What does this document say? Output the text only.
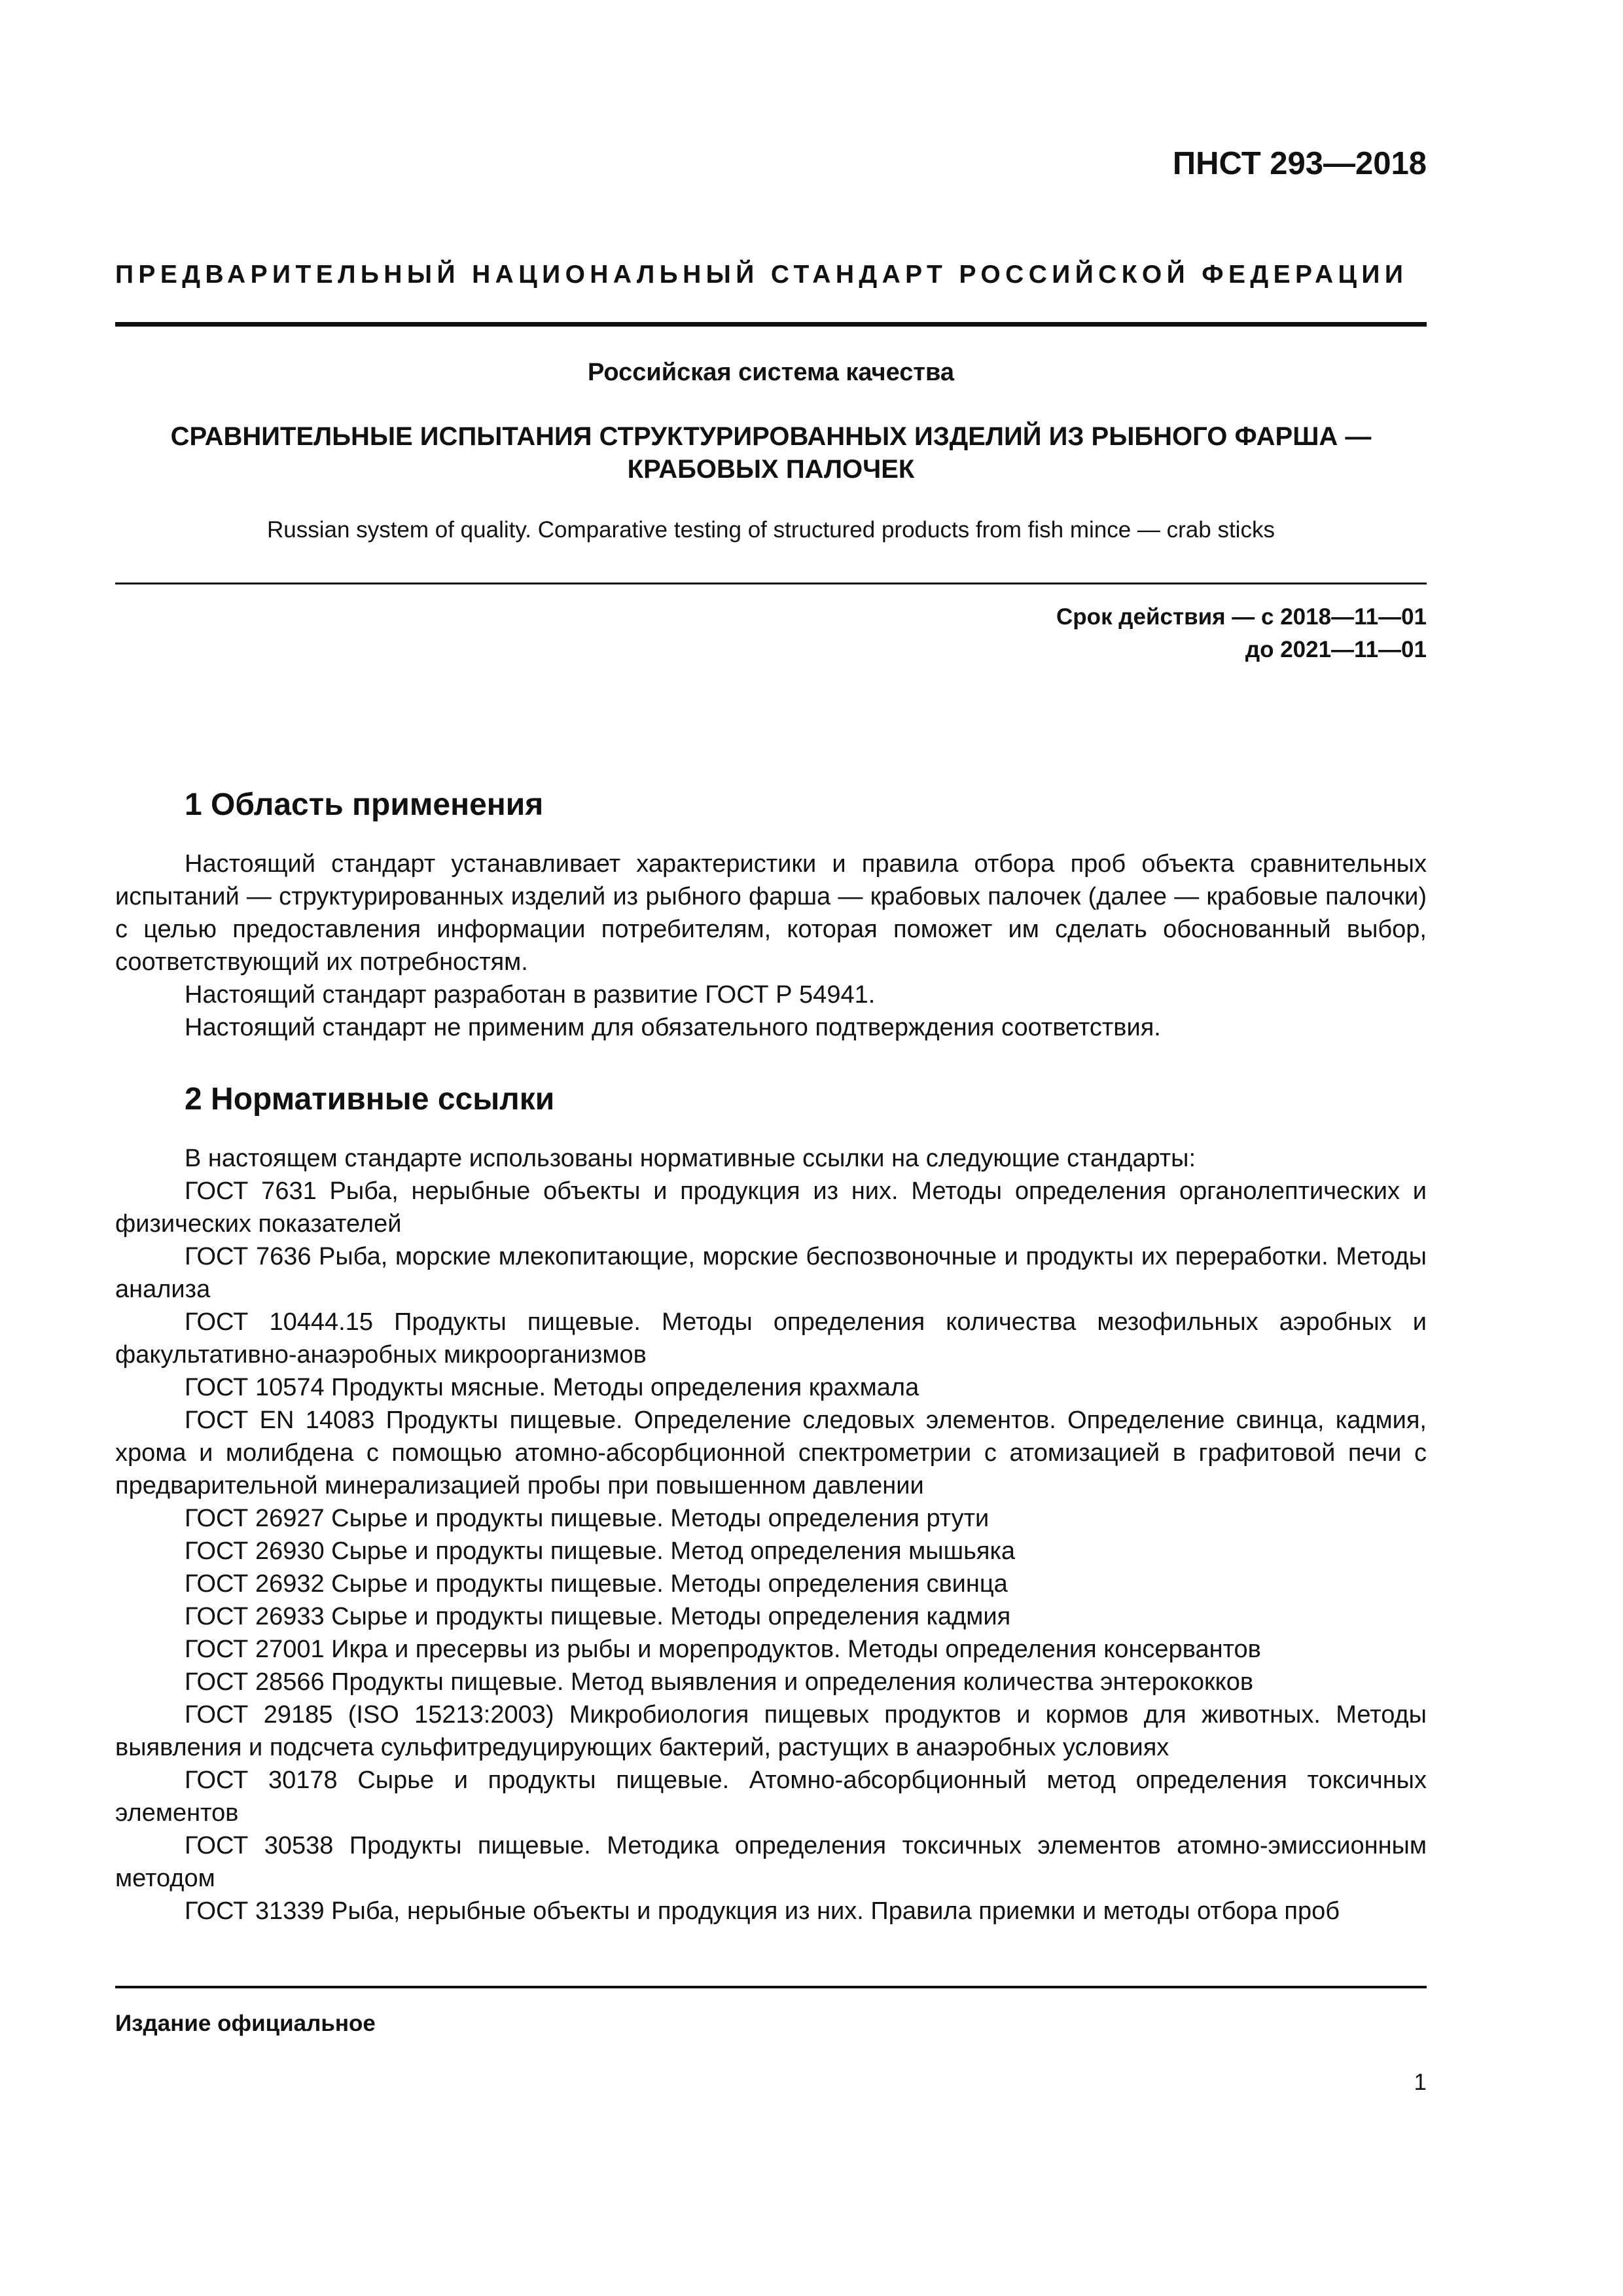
ПНСТ 293—2018
ПРЕДВАРИТЕЛЬНЫЙ НАЦИОНАЛЬНЫЙ СТАНДАРТ РОССИЙСКОЙ ФЕДЕРАЦИИ
Российская система качества
СРАВНИТЕЛЬНЫЕ ИСПЫТАНИЯ СТРУКТУРИРОВАННЫХ ИЗДЕЛИЙ ИЗ РЫБНОГО ФАРША —
КРАБОВЫХ ПАЛОЧЕК
Russian system of quality. Comparative testing of structured products from fish mince — crab sticks
Срок действия — с 2018—11—01
до 2021—11—01
1 Область применения

Настоящий стандарт устанавливает характеристики и правила отбора проб объекта сравнительных испытаний — структурированных изделий из рыбного фарша — крабовых палочек (далее — крабовые палочки) с целью предоставления информации потребителям, которая поможет им сделать обоснованный выбор, соответствующий их потребностям.

Настоящий стандарт разработан в развитие ГОСТ Р 54941.

Настоящий стандарт не применим для обязательного подтверждения соответствия.

2 Нормативные ссылки

В настоящем стандарте использованы нормативные ссылки на следующие стандарты:

ГОСТ 7631 Рыба, нерыбные объекты и продукция из них. Методы определения органолептических и физических показателей

ГОСТ 7636 Рыба, морские млекопитающие, морские беспозвоночные и продукты их переработки. Методы анализа

ГОСТ 10444.15 Продукты пищевые. Методы определения количества мезофильных аэробных и факультативно-анаэробных микроорганизмов

ГОСТ 10574 Продукты мясные. Методы определения крахмала

ГОСТ EN 14083 Продукты пищевые. Определение следовых элементов. Определение свинца, кадмия, хрома и молибдена с помощью атомно-абсорбционной спектрометрии с атомизацией в графитовой печи с предварительной минерализацией пробы при повышенном давлении

ГОСТ 26927 Сырье и продукты пищевые. Методы определения ртути

ГОСТ 26930 Сырье и продукты пищевые. Метод определения мышьяка

ГОСТ 26932 Сырье и продукты пищевые. Методы определения свинца

ГОСТ 26933 Сырье и продукты пищевые. Методы определения кадмия

ГОСТ 27001 Икра и пресервы из рыбы и морепродуктов. Методы определения консервантов

ГОСТ 28566 Продукты пищевые. Метод выявления и определения количества энтерококков

ГОСТ 29185 (ISO 15213:2003) Микробиология пищевых продуктов и кормов для животных. Методы выявления и подсчета сульфитредуцирующих бактерий, растущих в анаэробных условиях

ГОСТ 30178 Сырье и продукты пищевые. Атомно-абсорбционный метод определения токсичных элементов

ГОСТ 30538 Продукты пищевые. Методика определения токсичных элементов атомно-эмиссионным методом

ГОСТ 31339 Рыба, нерыбные объекты и продукция из них. Правила приемки и методы отбора проб

Издание официальное
1
